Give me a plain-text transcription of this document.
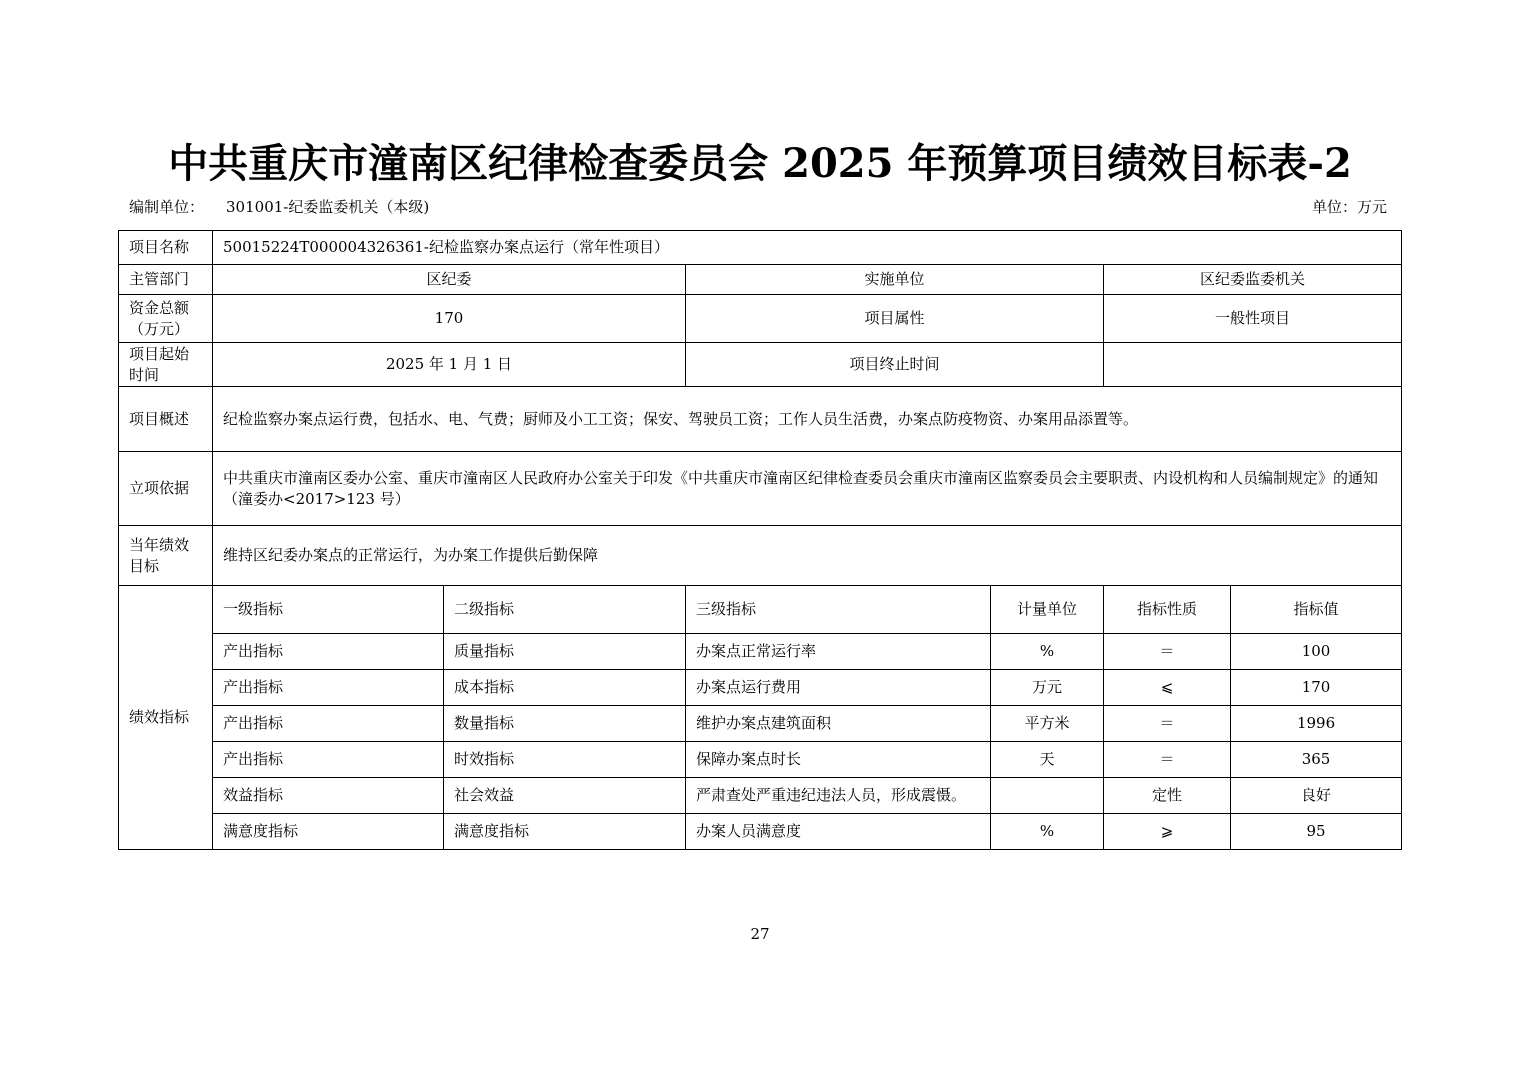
中共重庆市潼南区纪律检查委员会 2025 年预算项目绩效目标表-2
编制单位： 301001-纪委监委机关（本级)	单位：万元
项目名称	50015224T000004326361-纪检监察办案点运行（常年性项目）					
主管部门	区纪委		实施单位		区纪委监委机关	
资金总额
（万元）	170		项目属性		一般性项目	
项目起始
时间	2025 年 1 月 1 日		项目终止时间			
项目概述	纪检监察办案点运行费，包括水、电、气费；厨师及小工工资；保安、驾驶员工资；工作人员生活费，办案点防疫物资、办案用品添置等。					
立项依据	中共重庆市潼南区委办公室、重庆市潼南区人民政府办公室关于印发《中共重庆市潼南区纪律检查委员会重庆市潼南区监察委员会主要职责、内设机构和人员编制规定》的通知（潼委办<2017>123 号）					
当年绩效
目标	维持区纪委办案点的正常运行，为办案工作提供后勤保障					
绩效指标	一级指标	二级指标	三级指标	计量单位	指标性质	指标值
	产出指标	质量指标	办案点正常运行率	%	＝	100
	产出指标	成本指标	办案点运行费用	万元	⩽	170
	产出指标	数量指标	维护办案点建筑面积	平方米	＝	1996
	产出指标	时效指标	保障办案点时长	天	＝	365
	效益指标	社会效益	严肃查处严重违纪违法人员，形成震慑。		定性	良好
	满意度指标	满意度指标	办案人员满意度	%	⩾	95
27
